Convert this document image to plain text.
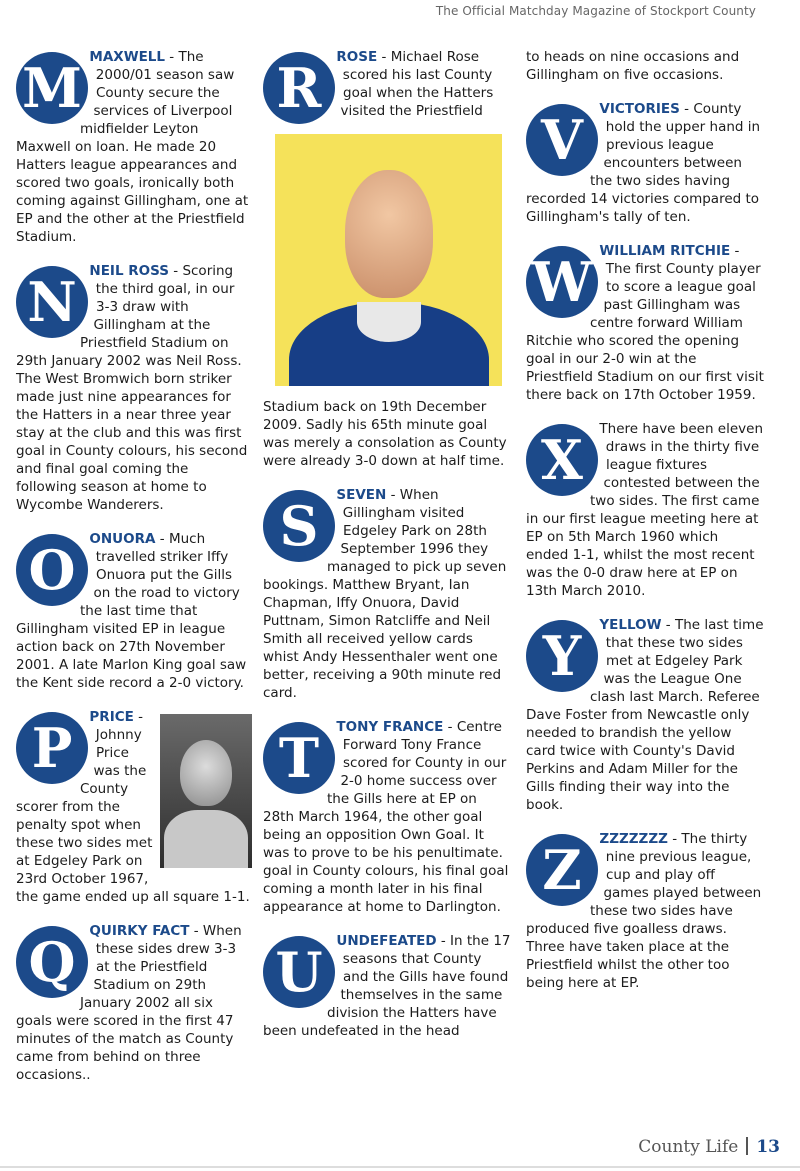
The Official Matchday Magazine of Stockport County
M MAXWELL - The 2000/01 season saw County secure the services of Liverpool midfielder Leyton Maxwell on loan. He made 20 Hatters league appearances and scored two goals, ironically both coming against Gillingham, one at EP and the other at the Priestfield Stadium.
N NEIL ROSS - Scoring the third goal, in our 3-3 draw with Gillingham at the Priestfield Stadium on 29th January 2002 was Neil Ross. The West Bromwich born striker made just nine appearances for the Hatters in a near three year stay at the club and this was first goal in County colours, his second and final goal coming the following season at home to Wycombe Wanderers.
O	ONUORA - Much travelled striker Iffy Onuora put the Gills on the road to victory the last time that Gillingham visited EP in league action back on 27th November 2001. A late Marlon King goal saw the Kent side record a 2-0 victory.
P	PRICE - Johnny Price was the County scorer from the penalty spot when these two sides met at Edgeley Park on 23rd October 1967, the game ended up all square 1-1.
Q	QUIRKY FACT - When these sides drew 3-3 at the Priestfield Stadium on 29th January 2002 all six goals were scored in the first 47 minutes of the match as County came from behind on three occasions..
R	ROSE - Michael Rose scored his last County goal when the Hatters visited the Priestfield
Stadium back on 19th December 2009. Sadly his 65th minute goal was merely a consolation as County were already 3-0 down at half time.
S	SEVEN - When Gillingham visited Edgeley Park on 28th September 1996 they managed to pick up seven bookings. Matthew Bryant, Ian Chapman, Iffy Onuora, David Puttnam, Simon Ratcliffe and Neil Smith all received yellow cards whist Andy Hessenthaler went one better, receiving a 90th minute red card.
T	TONY FRANCE - Centre Forward Tony France scored for County in our 2-0 home success over the Gills here at EP on 28th March 1964, the other goal being an opposition Own Goal. It was to prove to be his penultimate. goal in County colours, his final goal coming a month later in his final appearance at home to Darlington.
U	UNDEFEATED - In the 17 seasons that County and the Gills have found themselves in the same division the Hatters have been undefeated in the head
to heads on nine occasions and Gillingham on five occasions.
V	VICTORIES - County hold the upper hand in previous league encounters between the two sides having recorded 14 victories compared to Gillingham's tally of ten.
W WILLIAM RITCHIE - The first County player to score a league goal past Gillingham was centre forward William Ritchie who scored the opening goal in our 2-0 win at the Priestfield Stadium on our first visit there back on 17th October 1959.
X	There have been eleven draws in the thirty five league fixtures contested between the two sides. The first came in our first league meeting here at EP on 5th March 1960 which ended 1-1, whilst the most recent was the 0-0 draw here at EP on 13th March 2010.
Y	YELLOW - The last time that these two sides met at Edgeley Park was the League One clash last March. Referee Dave Foster from Newcastle only needed to brandish the yellow card twice with County's David Perkins and Adam Miller for the Gills finding their way into the book.
Z	ZZZZZZZ - The thirty nine previous league, cup and play off games played between these two sides have produced five goalless draws. Three have taken place at the Priestfield whilst the other too being here at EP.
County Life 13
